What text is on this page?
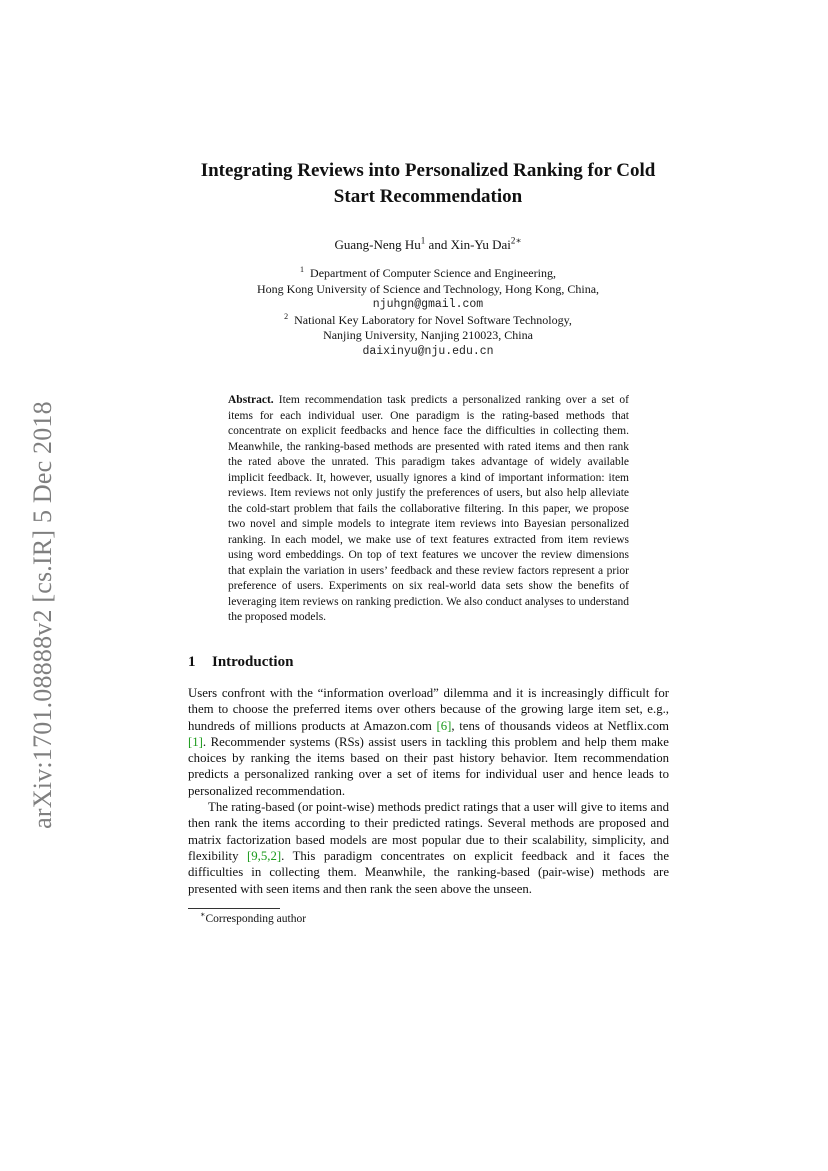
arXiv:1701.08888v2 [cs.IR] 5 Dec 2018
Integrating Reviews into Personalized Ranking for Cold
Start Recommendation
Guang-Neng Hu$^1$ and Xin-Yu Dai$^{2∗}$
$^1$ Department of Computer Science and Engineering,
Hong Kong University of Science and Technology, Hong Kong, China,
njuhgn@gmail.com
$^2$ National Key Laboratory for Novel Software Technology,
Nanjing University, Nanjing 210023, China
daixinyu@nju.edu.cn
Abstract. Item recommendation task predicts a personalized ranking over a set of items for each individual user. One paradigm is the rating-based methods that concentrate on explicit feedbacks and hence face the difficulties in collecting them. Meanwhile, the ranking-based methods are presented with rated items and then rank the rated above the unrated. This paradigm takes advantage of widely available implicit feedback. It, however, usually ignores a kind of important information: item reviews. Item reviews not only justify the preferences of users, but also help alleviate the cold-start problem that fails the collaborative filtering. In this paper, we propose two novel and simple models to integrate item reviews into Bayesian personalized ranking. In each model, we make use of text features extracted from item reviews using word embeddings. On top of text features we uncover the review dimensions that explain the variation in users’ feedback and these review factors represent a prior preference of users. Experiments on six real-world data sets show the benefits of leveraging item reviews on ranking prediction. We also conduct analyses to understand the proposed models.
1 Introduction

Users confront with the “information overload” dilemma and it is increasingly difficult for them to choose the preferred items over others because of the growing large item set, e.g., hundreds of millions products at Amazon.com [6], tens of thousands videos at Netflix.com [1]. Recommender systems (RSs) assist users in tackling this problem and help them make choices by ranking the items based on their past history behavior. Item recommendation predicts a personalized ranking over a set of items for individual user and hence leads to personalized recommendation.

The rating-based (or point-wise) methods predict ratings that a user will give to items and then rank the items according to their predicted ratings. Several methods are proposed and matrix factorization based models are most popular due to their scalability, simplicity, and flexibility [9,5,2]. This paradigm concentrates on explicit feedback and it faces the difficulties in collecting them. Meanwhile, the ranking-based (pair-wise) methods are presented with seen items and then rank the seen above the unseen.

∗Corresponding author
